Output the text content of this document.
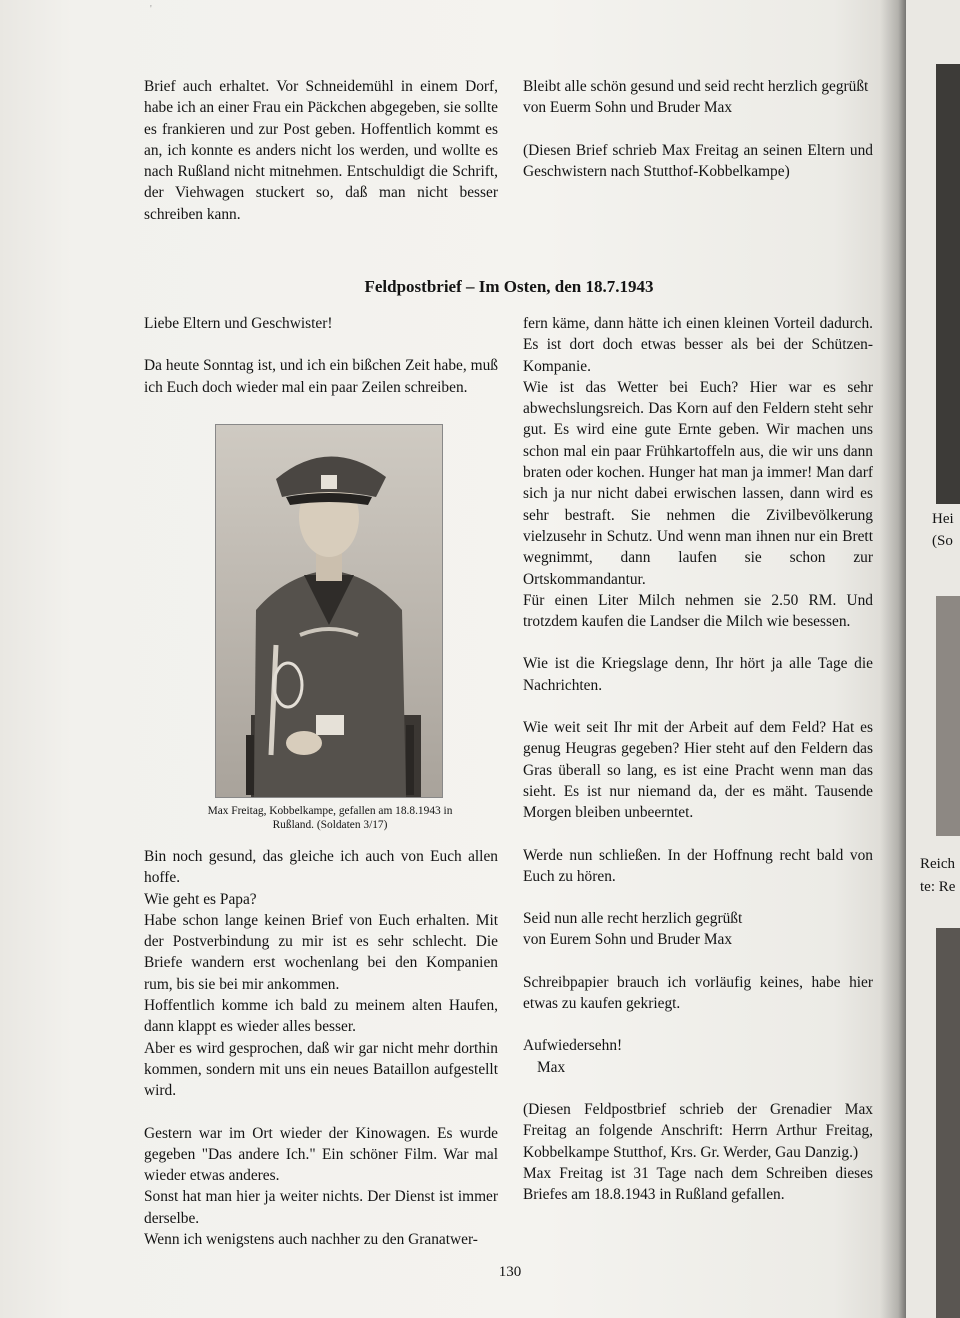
'

Brief auch erhaltet. Vor Schneidemühl in einem Dorf, habe ich an einer Frau ein Päckchen abgegeben, sie sollte es frankieren und zur Post geben. Hoffentlich kommt es an, ich konnte es anders nicht los werden, und wollte es nach Rußland nicht mitnehmen. Entschuldigt die Schrift, der Viehwagen stuckert so, daß man nicht besser schreiben kann.

Feldpostbrief – Im Osten, den 18.7.1943

Liebe Eltern und Geschwister!

Da heute Sonntag ist, und ich ein bißchen Zeit habe, muß ich Euch doch wieder mal ein paar Zeilen schreiben.

Max Freitag, Kobbelkampe, gefallen am 18.8.1943 in Rußland. (Soldaten 3/17)

Bin noch gesund, das gleiche ich auch von Euch allen hoffe.

Wie geht es Papa?

Habe schon lange keinen Brief von Euch erhalten. Mit der Postverbindung zu mir ist es sehr schlecht. Die Briefe wandern erst wochenlang bei den Kompanien rum, bis sie bei mir ankommen.

Hoffentlich komme ich bald zu meinem alten Haufen, dann klappt es wieder alles besser.

Aber es wird gesprochen, daß wir gar nicht mehr dorthin kommen, sondern mit uns ein neues Bataillon aufgestellt wird.

Gestern war im Ort wieder der Kinowagen. Es wurde gegeben "Das andere Ich." Ein schöner Film. War mal wieder etwas anderes.

Sonst hat man hier ja weiter nichts. Der Dienst ist immer derselbe.

Wenn ich wenigstens auch nachher zu den Granatwer-

Bleibt alle schön gesund und seid recht herzlich gegrüßt

von Euerm Sohn und Bruder Max

(Diesen Brief schrieb Max Freitag an seinen Eltern und Geschwistern nach Stutthof-Kobbelkampe)

fern käme, dann hätte ich einen kleinen Vorteil dadurch. Es ist dort doch etwas besser als bei der Schützen-Kompanie.

Wie ist das Wetter bei Euch? Hier war es sehr abwechslungsreich. Das Korn auf den Feldern steht sehr gut. Es wird eine gute Ernte geben. Wir machen uns schon mal ein paar Frühkartoffeln aus, die wir uns dann braten oder kochen. Hunger hat man ja immer! Man darf sich ja nur nicht dabei erwischen lassen, dann wird es sehr bestraft. Sie nehmen die Zivilbevölkerung vielzusehr in Schutz. Und wenn man ihnen nur ein Brett wegnimmt, dann laufen sie schon zur Ortskommandantur.

Für einen Liter Milch nehmen sie 2.50 RM. Und trotzdem kaufen die Landser die Milch wie besessen.

Wie ist die Kriegslage denn, Ihr hört ja alle Tage die Nachrichten.

Wie weit seit Ihr mit der Arbeit auf dem Feld? Hat es genug Heugras gegeben? Hier steht auf den Feldern das Gras überall so lang, es ist eine Pracht wenn man das sieht. Es ist nur niemand da, der es mäht. Tausende Morgen bleiben unbeerntet.

Werde nun schließen. In der Hoffnung recht bald von Euch zu hören.

Seid nun alle recht herzlich gegrüßt

von Eurem Sohn und Bruder Max

Schreibpapier brauch ich vorläufig keines, habe hier etwas zu kaufen gekriegt.

Aufwiedersehn!

Max

(Diesen Feldpostbrief schrieb der Grenadier Max Freitag an folgende Anschrift: Herrn Arthur Freitag, Kobbelkampe Stutthof, Krs. Gr. Werder, Gau Danzig.)

Max Freitag ist 31 Tage nach dem Schreiben dieses Briefes am 18.8.1943 in Rußland gefallen.

130
Hei
(So
Reich
te: Re
